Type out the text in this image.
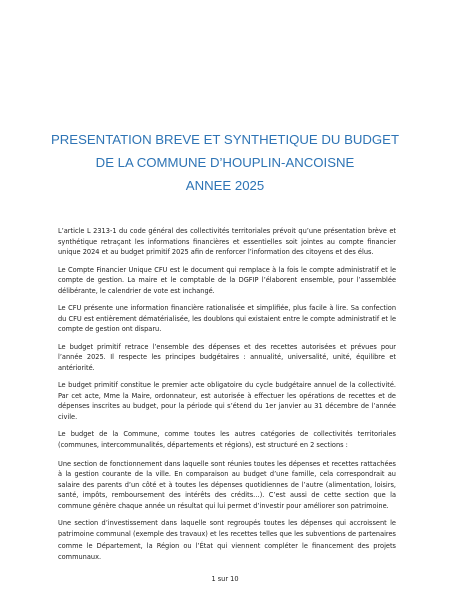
PRESENTATION BREVE ET SYNTHETIQUE DU BUDGET
DE LA COMMUNE D’HOUPLIN-ANCOISNE
ANNEE 2025

L’article L 2313-1 du code général des collectivités territoriales prévoit qu’une présentation brève et synthétique retraçant les informations financières et essentielles soit jointes au compte financier unique 2024 et au budget primitif 2025 afin de renforcer l’information des citoyens et des élus.

Le Compte Financier Unique CFU est le document qui remplace à la fois le compte administratif et le compte de gestion. La maire et le comptable de la DGFIP l’élaborent ensemble, pour l’assemblée délibérante, le calendrier de vote est inchangé.

Le CFU présente une information financière rationalisée et simplifiée, plus facile à lire. Sa confection du CFU est entièrement dématérialisée, les doublons qui existaient entre le compte administratif et le compte de gestion ont disparu.

Le budget primitif retrace l’ensemble des dépenses et des recettes autorisées et prévues pour l’année 2025. Il respecte les principes budgétaires : annualité, universalité, unité, équilibre et antériorité.

Le budget primitif constitue le premier acte obligatoire du cycle budgétaire annuel de la collectivité. Par cet acte, Mme la Maire, ordonnateur, est autorisée à effectuer les opérations de recettes et de dépenses inscrites au budget, pour la période qui s’étend du 1er janvier au 31 décembre de l’année civile.

Le budget de la Commune, comme toutes les autres catégories de collectivités territoriales (communes, intercommunalités, départements et régions), est structuré en 2 sections :

Une section de fonctionnement dans laquelle sont réunies toutes les dépenses et recettes rattachées à la gestion courante de la ville. En comparaison au budget d’une famille, cela correspondrait au salaire des parents d’un côté et à toutes les dépenses quotidiennes de l’autre (alimentation, loisirs, santé, impôts, remboursement des intérêts des crédits…). C’est aussi de cette section que la commune génère chaque année un résultat qui lui permet d’investir pour améliorer son patrimoine.

Une section d’investissement dans laquelle sont regroupés toutes les dépenses qui accroissent le patrimoine communal (exemple des travaux) et les recettes telles que les subventions de partenaires comme le Département, la Région ou l’État qui viennent compléter le financement des projets communaux.

1 sur 10
